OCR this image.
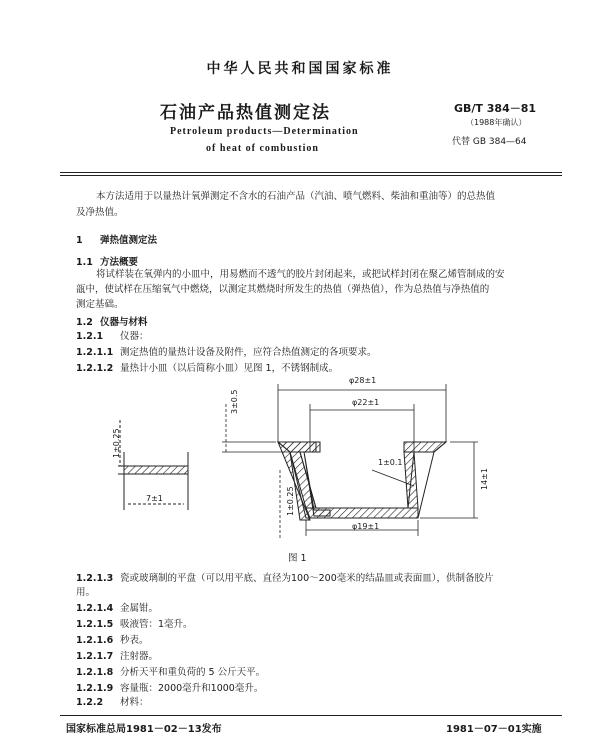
中华人民共和国国家标准
石油产品热值测定法
Petroleum products—Determination
of heat of combustion
GB/T 384－81
（1988年确认）
代替 GB 384—64
本方法适用于以量热计氧弹测定不含水的石油产品（汽油、喷气燃料、柴油和重油等）的总热值
及净热值。
1 弹热值测定法
1.1 方法概要
将试样装在氧弹内的小皿中，用易燃而不透气的胶片封闭起来，或把试样封闭在聚乙烯管制成的安
瓿中，使试样在压缩氧气中燃烧，以测定其燃烧时所发生的热值（弹热值），作为总热值与净热值的
测定基础。
1.2 仪器与材料
1.2.1 仪器：
1.2.1.1 测定热值的量热计设备及附件，应符合热值测定的各项要求。
1.2.1.2 量热计小皿（以后简称小皿）见图 1，不锈钢制成。
φ28±1
φ22±1
φ19±1
3±0.5
1±0.1
1±0.25
14±1
1±0.25
7±1
图 1
1.2.1.3 瓷或玻璃制的平盘（可以用平底、直径为100～200毫米的结晶皿或表面皿），供制备胶片
用。
1.2.1.4 金属钳。
1.2.1.5 吸液管：1毫升。
1.2.1.6 秒表。
1.2.1.7 注射器。
1.2.1.8 分析天平和重负荷的 5 公斤天平。
1.2.1.9 容量瓶：2000毫升和1000毫升。
1.2.2 材料：
国家标准总局1981－02－13发布	1981－07－01实施
